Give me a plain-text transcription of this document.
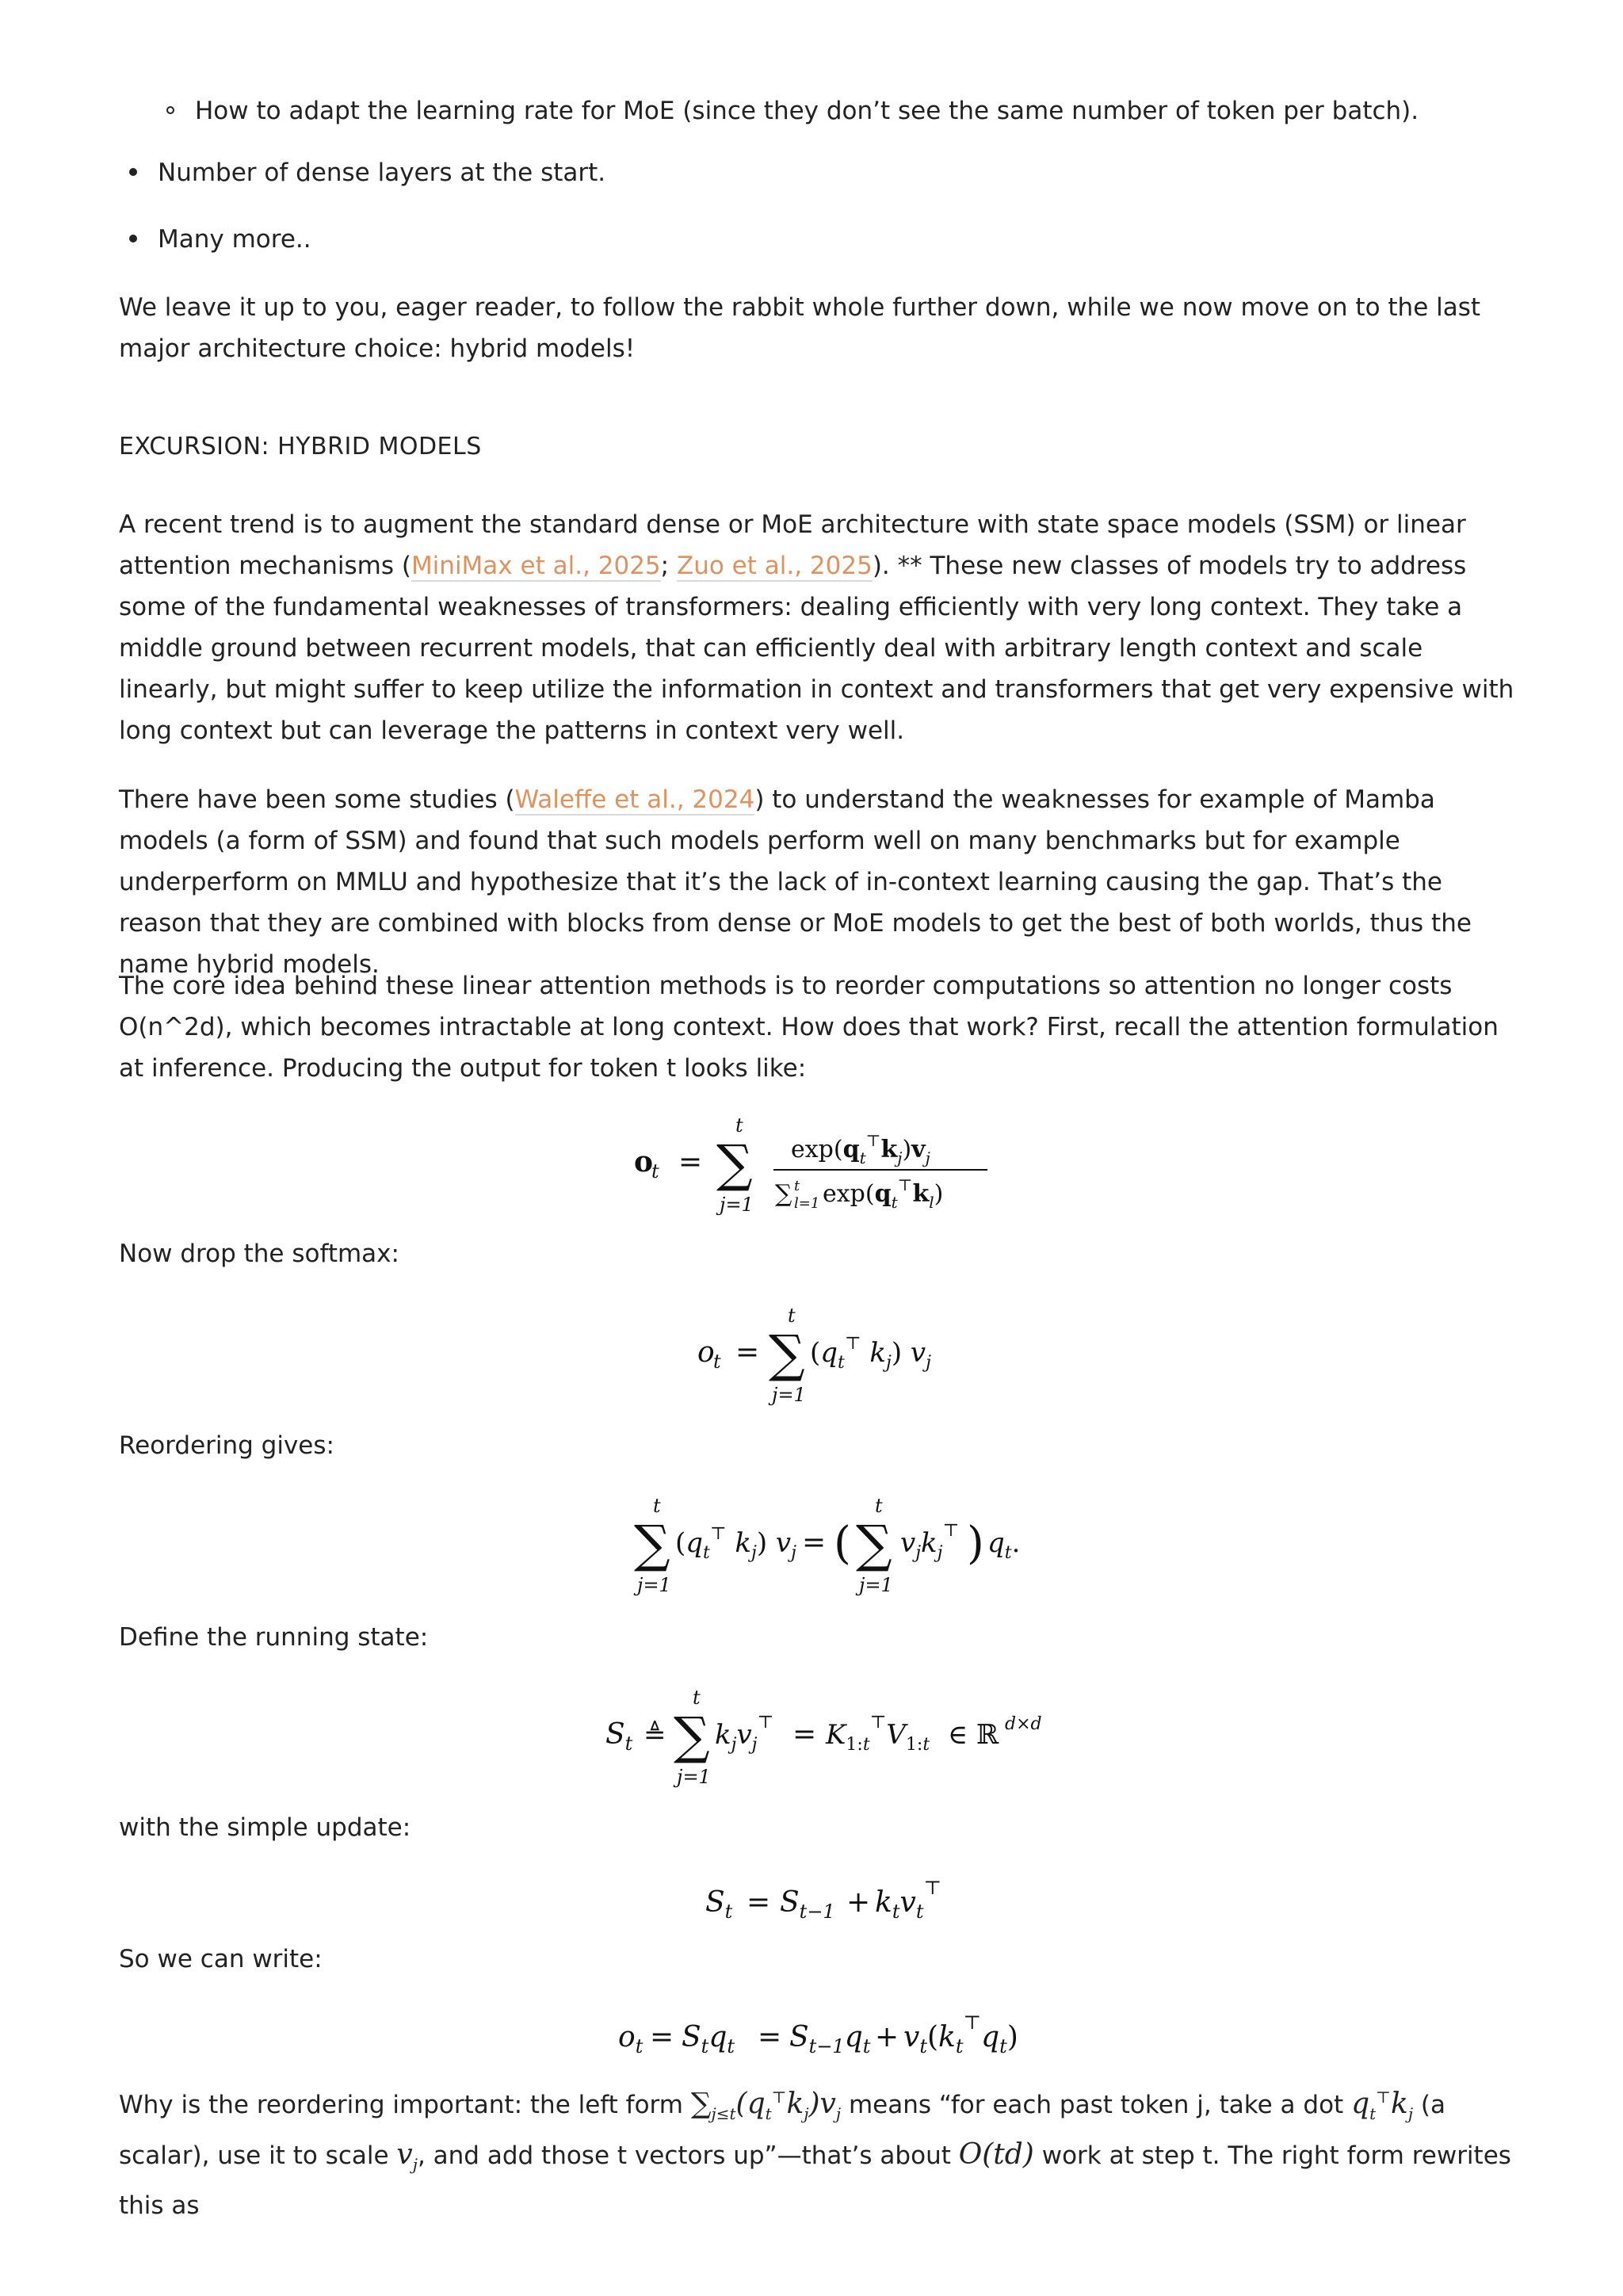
How to adapt the learning rate for MoE (since they don’t see the same number of token per batch).
Number of dense layers at the start.
Many more..

We leave it up to you, eager reader, to follow the rabbit whole further down, while we now move on to the last major architecture choice: hybrid models!

EXCURSION: HYBRID MODELS

A recent trend is to augment the standard dense or MoE architecture with state space models (SSM) or linear attention mechanisms (MiniMax et al., 2025; Zuo et al., 2025). ** These new classes of models try to address some of the fundamental weaknesses of transformers: dealing efficiently with very long context. They take a middle ground between recurrent models, that can efficiently deal with arbitrary length context and scale linearly, but might suffer to keep utilize the information in context and transformers that get very expensive with long context but can leverage the patterns in context very well.

There have been some studies (Waleffe et al., 2024) to understand the weaknesses for example of Mamba models (a form of SSM) and found that such models perform well on many benchmarks but for example underperform on MMLU and hypothesize that it’s the lack of in-context learning causing the gap. That’s the reason that they are combined with blocks from dense or MoE models to get the best of both worlds, thus the name hybrid models.

The core idea behind these linear attention methods is to reorder computations so attention no longer costs O(n^2d), which becomes intractable at long context. How does that work? First, recall the attention formulation at inference. Producing the output for token t looks like:

o
t = ∑
t
j=1
$\exp(q_t^⊤k_j)v_j$
∑ t
l=1 $\exp(q_t^⊤k_l)$
Now drop the softmax:
o
t = ∑
t
j=1
($q_t^⊤$ $k_j$) $v_j$
Reordering gives:
∑
t
j=1
($q_t^⊤$ $k_j$) $v_j$ = ( ∑
t
j=1
$v_jk_j^⊤$ ) $q_t$.
Define the running state:
$S_t$ ≜ ∑
t
j=1
$k_jv_j^⊤ = K_{1:}t^⊤V_{1:}t$ ∈ ℝ d×d
with the simple update:
$S_t = S_{t-1} + k_tv_t^⊤$
So we can write:
$o_t = S_tq_t = S_{t-1}q_t + v_t(k_t^⊤q_t)$

Why is the reordering important: the left form $\sum_{j\le t}(q_t^⊤k_j)v_j$ means “for each past token j, take a dot $q_t^⊤k_j$ (a scalar), use it to scale $v_j$, and add those t vectors up”—that’s about O(td) work at step t. The right form rewrites this as
